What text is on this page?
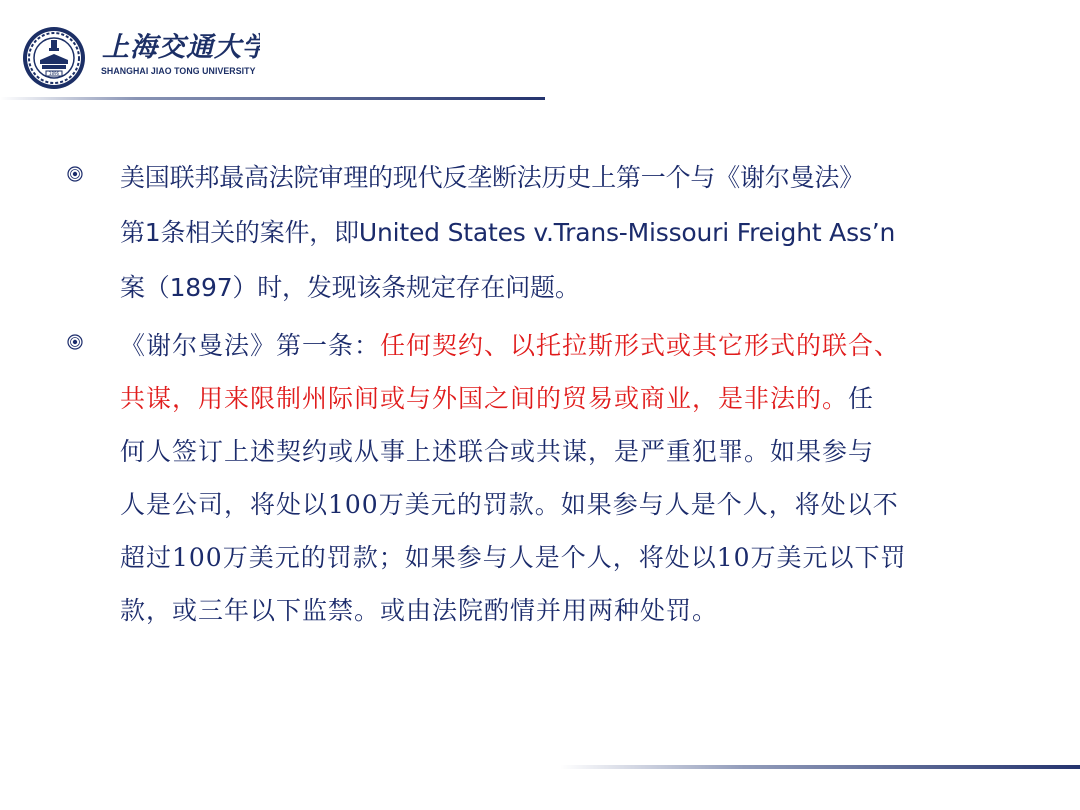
1896
上海交通大学
SHANGHAI JIAO TONG UNIVERSITY
美国联邦最高法院审理的现代反垄断法历史上第一个与《谢尔曼法》
第1条相关的案件，即United States v.Trans-Missouri Freight Ass’n
案（1897）时，发现该条规定存在问题。
《谢尔曼法》第一条：任何契约、以托拉斯形式或其它形式的联合、
共谋，用来限制州际间或与外国之间的贸易或商业，是非法的。任
何人签订上述契约或从事上述联合或共谋，是严重犯罪。如果参与
人是公司，将处以100万美元的罚款。如果参与人是个人，将处以不
超过100万美元的罚款；如果参与人是个人，将处以10万美元以下罚
款，或三年以下监禁。或由法院酌情并用两种处罚。
